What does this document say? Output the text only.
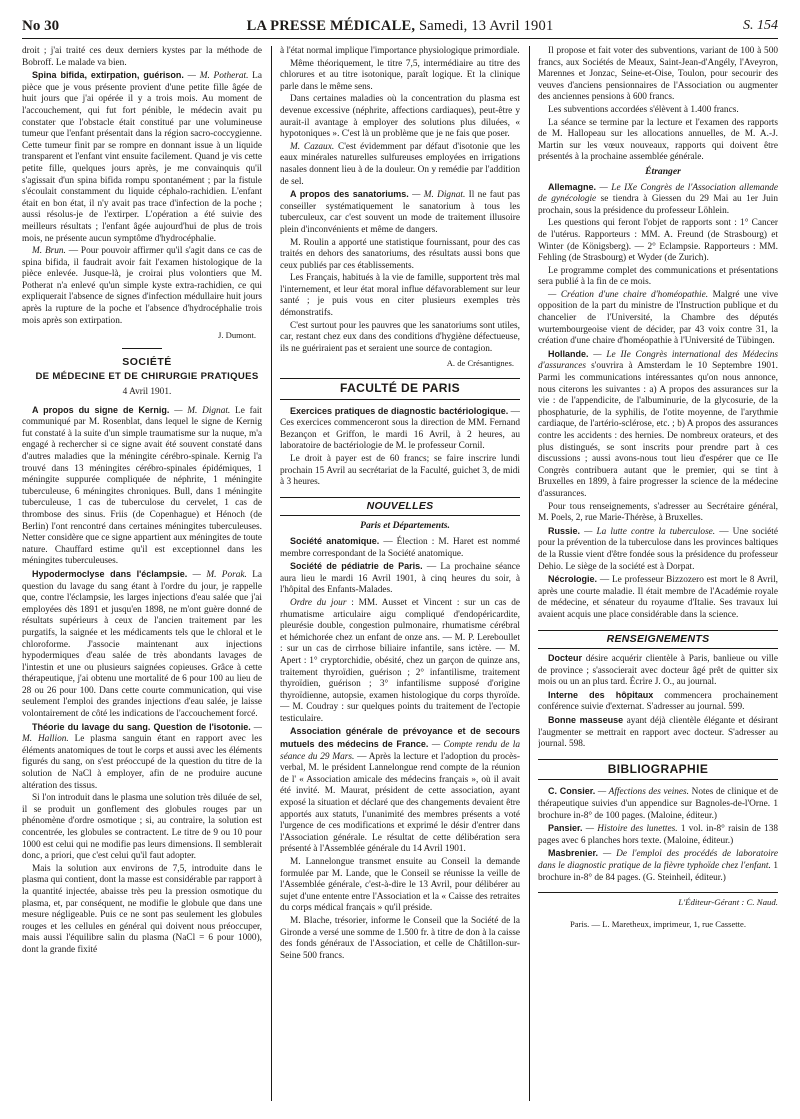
No 30	LA PRESSE MÉDICALE, Samedi, 13 Avril 1901	S. 154

droit ; j'ai traité ces deux derniers kystes par la méthode de Bobroff. Le malade va bien.

Spina bifida, extirpation, guérison. — M. Potherat. La pièce que je vous présente provient d'une petite fille âgée de huit jours que j'ai opérée il y a trois mois. Au moment de l'accouchement, qui fut fort pénible, le médecin avait pu constater que l'obstacle était constitué par une volumineuse tumeur que l'enfant présentait dans la région sacro-coccygienne. Cette tumeur finit par se rompre en donnant issue à un liquide transparent et l'enfant vint ensuite facilement. Quand je vis cette petite fille, quelques jours après, je me convainquis qu'il s'agissait d'un spina bifida rompu spontanément ; par la fistule s'écoulait constamment du liquide céphalo-rachidien. L'enfant était en bon état, il n'y avait pas trace d'infection de la poche ; aussi résolus-je de l'extirper. L'opération a été suivie des meilleurs résultats ; l'enfant âgée aujourd'hui de plus de trois mois, ne présente aucun symptôme d'hydrocéphalie.

M. Brun. — Pour pouvoir affirmer qu'il s'agit dans ce cas de spina bifida, il faudrait avoir fait l'examen histologique de la pièce enlevée. Jusque-là, je croirai plus volontiers que M. Potherat n'a enlevé qu'un simple kyste extra-rachidien, ce qui expliquerait l'absence de signes d'infection médullaire huit jours après la rupture de la poche et l'absence d'hydrocéphalie trois mois après son extirpation.

J. Dumont.

SOCIÉTÉ

DE MÉDECINE ET DE CHIRURGIE PRATIQUES

4 Avril 1901.

A propos du signe de Kernig. — M. Dignat. Le fait communiqué par M. Rosenblat, dans lequel le signe de Kernig fut constaté à la suite d'un simple traumatisme sur la nuque, m'a engagé à rechercher si ce signe avait été souvent constaté dans d'autres maladies que la méningite cérébro-spinale. Kernig l'a trouvé dans 13 méningites cérébro-spinales épidémiques, 1 méningite suppurée compliquée de néphrite, 1 méningite tuberculeuse, 6 méningites chroniques. Bull, dans 1 méningite tuberculeuse, 1 cas de tuberculose du cervelet, 1 cas de thrombose des sinus. Friis (de Copenhague) et Hénoch (de Berlin) l'ont rencontré dans certaines méningites tuberculeuses. Netter considère que ce signe appartient aux méningites de toute nature. Chauffard estime qu'il est exceptionnel dans les méningites tuberculeuses.

Hypodermoclyse dans l'éclampsie. — M. Porak. La question du lavage du sang étant à l'ordre du jour, je rappelle que, contre l'éclampsie, les larges injections d'eau salée que j'ai employées dès 1891 et jusqu'en 1898, ne m'ont guère donné de résultats supérieurs à ceux de l'ancien traitement par les purgatifs, la saignée et les médicaments tels que le chloral et le chloroforme. J'associe maintenant aux injections hypodermiques d'eau salée de très abondants lavages de l'intestin et une ou plusieurs saignées copieuses. Grâce à cette thérapeutique, j'ai obtenu une mortalité de 6 pour 100 au lieu de 28 ou 26 pour 100. Dans cette courte communication, qui vise seulement l'emploi des grandes injections d'eau salée, je laisse volontairement de côté les indications de l'accouchement forcé.

Théorie du lavage du sang. Question de l'isotonie. — M. Hallion. Le plasma sanguin étant en rapport avec les éléments anatomiques de tout le corps et aussi avec les éléments figurés du sang, on s'est préoccupé de la question du titre de la solution de NaCl à employer, afin de ne produire aucune altération des tissus.

Si l'on introduit dans le plasma une solution très diluée de sel, il se produit un gonflement des globules rouges par un phénomène d'ordre osmotique ; si, au contraire, la solution est concentrée, les globules se contractent. Le titre de 9 ou 10 pour 1000 est celui qui ne modifie pas leurs dimensions. Il semblerait donc, a priori, que c'est celui qu'il faut adopter.

Mais la solution aux environs de 7,5, introduite dans le plasma qui contient, dont la masse est considérable par rapport à la quantité injectée, abaisse très peu la pression osmotique du plasma, et, par conséquent, ne modifie le globule que dans une mesure négligeable. Puis ce ne sont pas seulement les globules rouges et les cellules en général qui doivent nous préoccuper, mais aussi l'équilibre salin du plasma (NaCl = 6 pour 1000), dont la grande fixité

à l'état normal implique l'importance physiologique primordiale.

Même théoriquement, le titre 7,5, intermédiaire au titre des chlorures et au titre isotonique, paraît logique. Et la clinique parle dans le même sens.

Dans certaines maladies où la concentration du plasma est devenue excessive (néphrite, affections cardiaques), peut-être y aurait-il avantage à employer des solutions plus diluées, « hypotoniques ». C'est là un problème que je ne fais que poser.

M. Cazaux. C'est évidemment par défaut d'isotonie que les eaux minérales naturelles sulfureuses employées en irrigations nasales donnent lieu à de la douleur. On y remédie par l'addition de sel.

A propos des sanatoriums. — M. Dignat. Il ne faut pas conseiller systématiquement le sanatorium à tous les tuberculeux, car c'est souvent un mode de traitement illusoire plein d'inconvénients et même de dangers.

M. Roulin a apporté une statistique fournissant, pour des cas traités en dehors des sanatoriums, des résultats aussi bons que ceux publiés par ces établissements.

Les Français, habitués à la vie de famille, supportent très mal l'internement, et leur état moral influe défavorablement sur leur santé ; je puis vous en citer plusieurs exemples très démonstratifs.

C'est surtout pour les pauvres que les sanatoriums sont utiles, car, restant chez eux dans des conditions d'hygiène défectueuse, ils ne guériraient pas et seraient une source de contagion.

A. de Crésantignes.

FACULTÉ DE PARIS

Exercices pratiques de diagnostic bactériologique. — Ces exercices commenceront sous la direction de MM. Fernand Bezançon et Griffon, le mardi 16 Avril, à 2 heures, au laboratoire de bactériologie de M. le professeur Cornil.

Le droit à payer est de 60 francs; se faire inscrire lundi prochain 15 Avril au secrétariat de la Faculté, guichet 3, de midi à 3 heures.

NOUVELLES

Paris et Départements.

Société anatomique. — Élection : M. Haret est nommé membre correspondant de la Société anatomique.

Société de pédiatrie de Paris. — La prochaine séance aura lieu le mardi 16 Avril 1901, à cinq heures du soir, à l'hôpital des Enfants-Malades.

Ordre du jour : MM. Ausset et Vincent : sur un cas de rhumatisme articulaire aigu compliqué d'endopéricardite, pleurésie double, congestion pulmonaire, rhumatisme cérébral et hémichorée chez un enfant de onze ans. — M. P. Lereboullet : sur un cas de cirrhose biliaire infantile, sans ictère. — M. Apert : 1° cryptorchidie, obésité, chez un garçon de quinze ans, traitement thyroïdien, guérison ; 2° infantilisme, traitement thyroïdien, guérison ; 3° infantilisme supposé d'origine thyroïdienne, autopsie, examen histologique du corps thyroïde. — M. Coudray : sur quelques points du traitement de l'ectopie testiculaire.

Association générale de prévoyance et de secours mutuels des médecins de France. — Compte rendu de la séance du 29 Mars. — Après la lecture et l'adoption du procès-verbal, M. le président Lannelongue rend compte de la réunion de l' « Association amicale des médecins français », où il avait été invité. M. Maurat, président de cette association, ayant exposé la situation et déclaré que des changements devaient être apportés aux statuts, l'unanimité des membres présents a voté l'urgence de ces modifications et exprimé le désir d'entrer dans l'Association générale. Le résultat de cette délibération sera présenté à l'Assemblée générale du 14 Avril 1901.

M. Lannelongue transmet ensuite au Conseil la demande formulée par M. Lande, que le Conseil se réunisse la veille de l'Assemblée générale, c'est-à-dire le 13 Avril, pour délibérer au sujet d'une entente entre l'Association et la « Caisse des retraites du corps médical français » qu'il préside.

M. Blache, trésorier, informe le Conseil que la Société de la Gironde a versé une somme de 1.500 fr. à titre de don à la caisse des fonds généraux de l'Association, et celle de Châtillon-sur-Seine 500 francs.

Il propose et fait voter des subventions, variant de 100 à 500 francs, aux Sociétés de Meaux, Saint-Jean-d'Angély, l'Aveyron, Marennes et Jonzac, Seine-et-Oise, Toulon, pour secourir des veuves d'anciens pensionnaires de l'Association ou augmenter des anciennes pensions à 600 francs.

Les subventions accordées s'élèvent à 1.400 francs.

La séance se termine par la lecture et l'examen des rapports de M. Hallopeau sur les allocations annuelles, de M. A.-J. Martin sur les vœux nouveaux, rapports qui doivent être présentés à la prochaine assemblée générale.

Étranger

Allemagne. — Le IXe Congrès de l'Association allemande de gynécologie se tiendra à Giessen du 29 Mai au 1er Juin prochain, sous la présidence du professeur Löhlein.

Les questions qui feront l'objet de rapports sont : 1° Cancer de l'utérus. Rapporteurs : MM. A. Freund (de Strasbourg) et Winter (de Königsberg). — 2° Eclampsie. Rapporteurs : MM. Fehling (de Strasbourg) et Wyder (de Zurich).

Le programme complet des communications et présentations sera publié à la fin de ce mois.

— Création d'une chaire d'homéopathie. Malgré une vive opposition de la part du ministre de l'Instruction publique et du chancelier de l'Université, la Chambre des députés wurtembourgeoise vient de décider, par 43 voix contre 31, la création d'une chaire d'homéopathie à l'Université de Tübingen.

Hollande. — Le IIe Congrès international des Médecins d'assurances s'ouvrira à Amsterdam le 10 Septembre 1901. Parmi les communications intéressantes qu'on nous annonce, nous citerons les suivantes : a) A propos des assurances sur la vie : de l'appendicite, de l'albuminurie, de la glycosurie, de la phosphaturie, de la syphilis, de l'otite moyenne, de l'arythmie cardiaque, de l'artério-sclérose, etc. ; b) A propos des assurances contre les accidents : des hernies. De nombreux orateurs, et des plus distingués, se sont inscrits pour prendre part à ces discussions ; aussi avons-nous tout lieu d'espérer que ce IIe Congrès contribuera autant que le premier, qui se tint à Bruxelles en 1899, à faire progresser la science de la médecine d'assurances.

Pour tous renseignements, s'adresser au Secrétaire général, M. Poels, 2, rue Marie-Thérèse, à Bruxelles.

Russie. — La lutte contre la tuberculose. — Une société pour la prévention de la tuberculose dans les provinces baltiques de la Russie vient d'être fondée sous la présidence du professeur Dehio. Le siège de la société est à Dorpat.

Nécrologie. — Le professeur Bizzozero est mort le 8 Avril, après une courte maladie. Il était membre de l'Académie royale de médecine, et sénateur du royaume d'Italie. Ses travaux lui avaient acquis une place considérable dans la science.

RENSEIGNEMENTS

Docteur désire acquérir clientèle à Paris, banlieue ou ville de province ; s'associerait avec docteur âgé prêt de quitter six mois ou un an plus tard. Écrire J. O., au journal.

Interne des hôpitaux commencera prochainement conférence suivie d'externat. S'adresser au journal. 599.

Bonne masseuse ayant déjà clientèle élégante et désirant l'augmenter se mettrait en rapport avec docteur. S'adresser au journal. 598.

BIBLIOGRAPHIE

C. Consier. — Affections des veines. Notes de clinique et de thérapeutique suivies d'un appendice sur Bagnoles-de-l'Orne. 1 brochure in-8° de 100 pages. (Maloine, éditeur.)

Pansier. — Histoire des lunettes. 1 vol. in-8° raisin de 138 pages avec 6 planches hors texte. (Maloine, éditeur.)

Masbrenier. — De l'emploi des procédés de laboratoire dans le diagnostic pratique de la fièvre typhoïde chez l'enfant. 1 brochure in-8° de 84 pages. (G. Steinheil, éditeur.)

L'Éditeur-Gérant : C. Naud.
Paris. — L. Maretheux, imprimeur, 1, rue Cassette.
